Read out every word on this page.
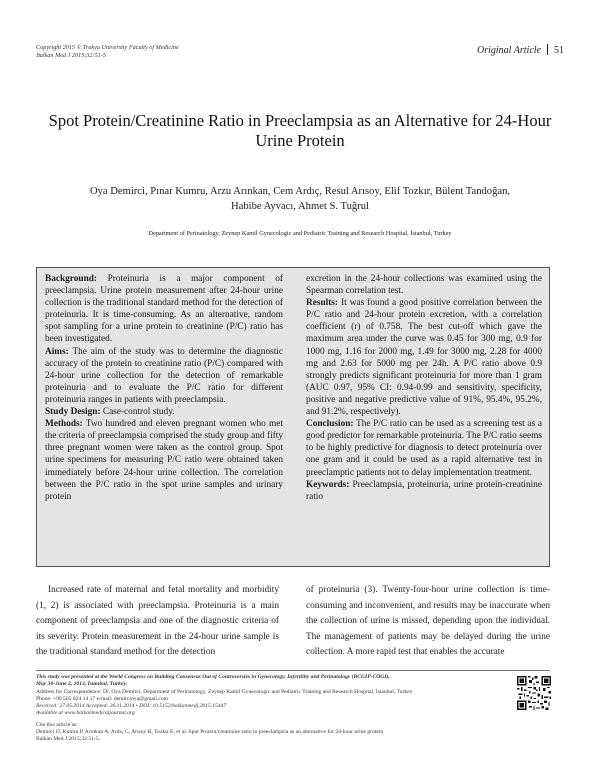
Copyright 2015 © Trakya University Faculty of Medicine
Balkan Med J 2015;32:51-5	Original Article 51
Spot Protein/Creatinine Ratio in Preeclampsia as an Alternative for 24-Hour Urine Protein
Oya Demirci, Pınar Kumru, Arzu Arınkan, Cem Ardıç, Resul Arısoy, Elif Tozkır, Bülent Tandoğan,
Habibe Ayvacı, Ahmet S. Tuğrul
Department of Perinatology, Zeynep Kamil Gynecologic and Pediatric Training and Research Hospital, İstanbul, Turkey

Background: Proteinuria is a major component of preeclampsia. Urine protein measurement after 24-hour urine collection is the traditional standard method for the detection of proteinuria. It is time-consuming. As an alternative, random spot sampling for a urine protein to creatinine (P/C) ratio has been investigated.

Aims: The aim of the study was to determine the diagnostic accuracy of the protein to creatinine ratio (P/C) compared with 24-hour urine collection for the detection of remarkable proteinuria and to evaluate the P/C ratio for different proteinuria ranges in patients with preeclampsia.

Study Design: Case-control study.

Methods: Two hundred and eleven pregnant women who met the criteria of preeclampsia comprised the study group and fifty three pregnant women were taken as the control group. Spot urine specimens for measuring P/C ratio were obtained taken immediately before 24-hour urine collection. The correlation between the P/C ratio in the spot urine samples and urinary protein

excretion in the 24-hour collections was examined using the Spearman correlation test.

Results: It was found a good positive correlation between the P/C ratio and 24-hour protein excretion, with a correlation coefficient (r) of 0.758. The best cut-off which gave the maximum area under the curve was 0.45 for 300 mg, 0.9 for 1000 mg, 1.16 for 2000 mg, 1.49 for 3000 mg, 2.28 for 4000 mg and 2.63 for 5000 mg per 24h. A P/C ratio above 0.9 strongly predicts significant proteinuria for more than 1 gram (AUC 0.97, 95% CI: 0.94-0.99 and sensitivity, specificity, positive and negative predictive value of 91%, 95.4%, 95.2%, and 91.2%, respectively).

Conclusion: The P/C ratio can be used as a screening test as a good predictor for remarkable proteinuria. The P/C ratio seems to be highly predictive for diagnosis to detect proteinuria over one gram and it could be used as a rapid alternative test in preeclamptic patients not to delay implementation treatment.

Keywords: Preeclampsia, proteinuria, urine protein-creatinine ratio

Increased rate of maternal and fetal mortality and morbidity (1, 2) is associated with preeclampsia. Proteinuria is a main component of preeclampsia and one of the diagnostic criteria of its severity. Protein measurement in the 24-hour urine sample is the traditional standard method for the detection
of proteinuria (3). Twenty-four-hour urine collection is time-consuming and inconvenient, and results may be inaccurate when the collection of urine is missed, depending upon the individual. The management of patients may be delayed during the urine collection. A more rapid test that enables the accurate
This study was presented at the World Congress on Building Consensus Out of Controversies in Gynecology, Infertility and Perinatology (BCGIP-COGI),
May 30-June 2, 2013, İstanbul, Turkey.
Address for Correspondence: Dr. Oya Demirci, Department of Perinatology, Zeynep Kamil Gynecologic and Pediatric Training and Research Hospital, İstanbul, Turkey
Phone: +90 505 824 14 17 e-mail: demircioya@gmail.com
Received: 27.05.2014 Accepted: 26.11.2014 • DOI: 10.5152/balkanmedj.2015.15447
Available at www.balkanmedicaljournal.org
Cite this article as:
Demirci O, Kumru P, Arınkan A, Ardıç C, Arısoy R, Tozkır E, et al. Spot Protein/creatinine ratio in preeclampsia as an alternative for 24-hour urine protein
Balkan Med J 2015;32:51-5.
